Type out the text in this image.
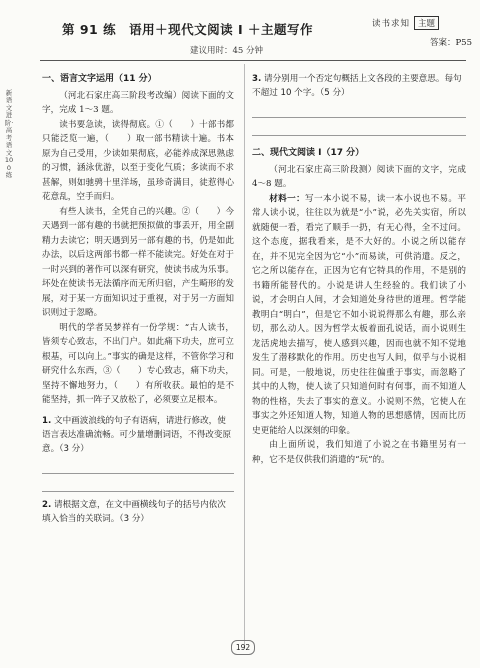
新语文进阶·高考语文100练
第 91 练　语用＋现代文阅读 Ⅰ ＋主题写作
建议用时：45 分钟
读书求知 主题
答案：P55
一、语言文字运用（11 分）

（河北石家庄高三阶段考改编）阅读下面的文字，完成 1～3 题。

读书要急读，读得彻底。①（　　）十部书都只能泛览一遍，（　　）取一部书精读十遍。书本原为自己受用，少读如果彻底，必能养成深思熟虑的习惯，涵泳优游，以至于变化气质；多读而不求甚解，则如驰骋十里洋场，虽珍奇满目，徒惹得心花意乱，空手而归。

有些人读书，全凭自己的兴趣。②（　　）今天遇到一部有趣的书就把预拟做的事丢开，用全副精力去读它；明天遇到另一部有趣的书，仍是如此办法，以后这两部书都一样不能读完。好处在对于一时兴到的著作可以深有研究，使读书成为乐事。坏处在使读书无法循序而无所归宿，产生畸形的发展，对于某一方面知识过于重视，对于另一方面知识则过于忽略。

明代的学者吴梦祥有一份学规：“古人读书，皆须专心致志，不出门户。如此痛下功夫，庶可立根基，可以向上。”事实的确是这样，不管你学习和研究什么东西，③（　　）专心致志，痛下功夫，坚持不懈地努力，（　　）有所收获。最怕的是不能坚持，抓一阵子又放松了，必须要立足根本。

1. 文中画波浪线的句子有语病，请进行修改，使语言表达准确流畅。可少量增删词语，不得改变原意。（3 分）
2. 请根据文意，在文中画横线句子的括号内依次填入恰当的关联词。（3 分）
3. 请分别用一个否定句概括上文各段的主要意思。每句不超过 10 个字。（5 分）
二、现代文阅读 Ⅰ（17 分）

（河北石家庄高三阶段测）阅读下面的文字，完成 4～8 题。

材料一：写一本小说不易，读一本小说也不易。平常人读小说，往往以为就是“小”说，必先关实宿，所以就随便一看，看完了顺手一扔，有无心得，全不过问。这个态度，据我看来，是不大好的。小说之所以能存在，并不见完全因为它“小”而易读，可供消遣。反之，它之所以能存在，正因为它有它特具的作用，不是别的书籍所能替代的。小说是讲人生经验的。我们读了小说，才会明白人间，才会知道处身待世的道理。哲学能教明白“明白”，但是它不如小说说得那么有趣，那么亲切，那么动人。因为哲学太板着面孔说话，而小说则生龙活虎地去描写，使人感到兴趣，因而也就不知不觉地发生了潜移默化的作用。历史也写人间，似乎与小说相同。可是，一般地说，历史往往偏重于事实，而忽略了其中的人物，使人读了只知道何时有何事，而不知道人物的性格，失去了事实的意义。小说则不然，它使人在事实之外还知道人物，知道人物的思想感情，因而比历史更能给人以深刻的印象。

由上面所说，我们知道了小说之在书籍里另有一种，它不是仅供我们消遣的“玩”的。

192
